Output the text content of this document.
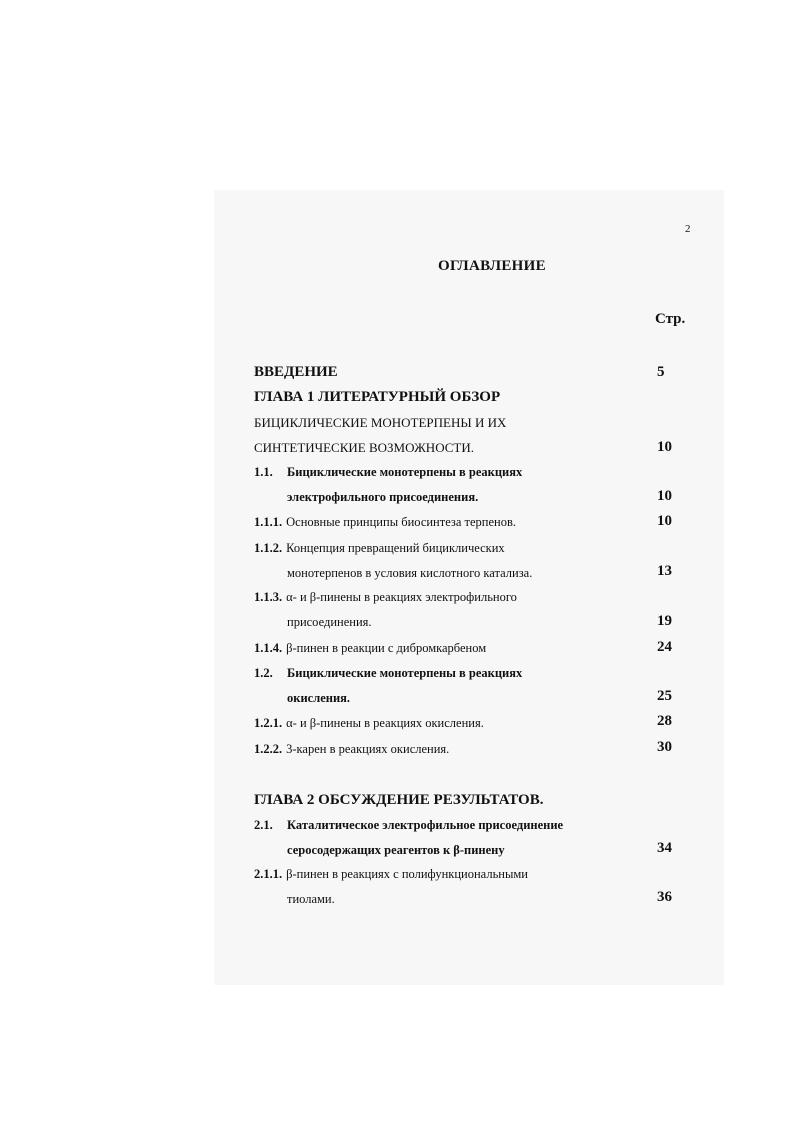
2
ОГЛАВЛЕНИЕ
Стр.
ВВЕДЕНИЕ	5
ГЛАВА 1 ЛИТЕРАТУРНЫЙ ОБЗОР
БИЦИКЛИЧЕСКИЕ МОНОТЕРПЕНЫ И ИХ
СИНТЕТИЧЕСКИЕ ВОЗМОЖНОСТИ.	10
1.1. Бициклические монотерпены в реакциях
электрофильного присоединения.	10
1.1.1. Основные принципы биосинтеза терпенов.	10
1.1.2. Концепция превращений бициклических
монотерпенов в условия кислотного катализа.	13
1.1.3. α- и β-пинены в реакциях электрофильного
присоединения.	19
1.1.4. β-пинен в реакции с дибромкарбеном	24
1.2. Бициклические монотерпены в реакциях
окисления.	25
1.2.1. α- и β-пинены в реакциях окисления.	28
1.2.2. 3-карен в реакциях окисления.	30
ГЛАВА 2 ОБСУЖДЕНИЕ РЕЗУЛЬТАТОВ.
2.1. Каталитическое электрофильное присоединение
серосодержащих реагентов к β-пинену	34
2.1.1. β-пинен в реакциях с полифункциональными
тиолами.	36
